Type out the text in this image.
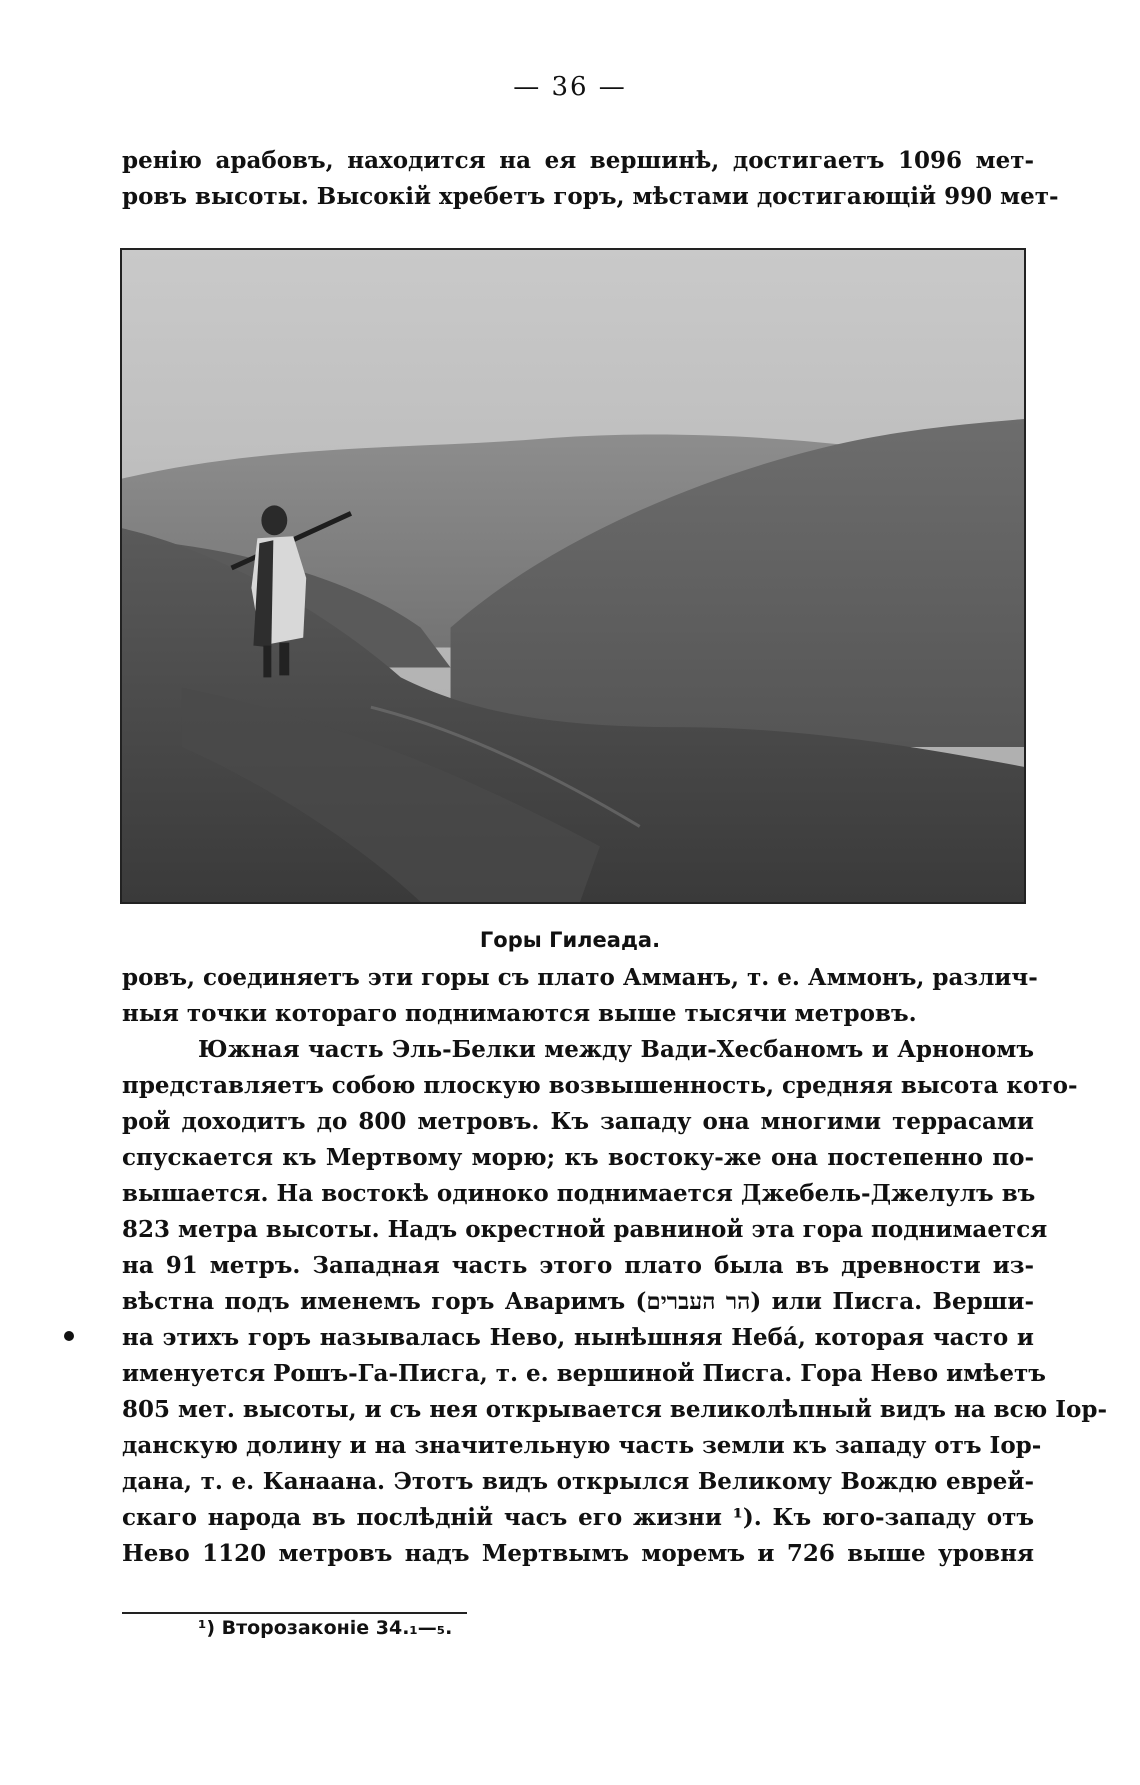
— 36 —
ренію арабовъ, находится на ея вершинѣ, достигаетъ 1096 мет-
ровъ высоты. Высокій хребетъ горъ, мѣстами достигающій 990 мет-
Горы Гилеада.
ровъ, соединяетъ эти горы съ плато Амманъ, т. е. Аммонъ, различ-
ныя точки котораго поднимаются выше тысячи метровъ.
Южная часть Эль-Белки между Вади-Хесбаномъ и Арнономъ
представляетъ собою плоскую возвышенность, средняя высота кото-
рой доходитъ до 800 метровъ. Къ западу она многими террасами
спускается къ Мертвому морю; къ востоку-же она постепенно по-
вышается. На востокѣ одиноко поднимается Джебель-Джелулъ въ
823 метра высоты. Надъ окрестной равниной эта гора поднимается
на 91 метръ. Западная часть этого плато была въ древности из-
вѣстна подъ именемъ горъ Аваримъ (הר העברים) или Писга. Верши-
на этихъ горъ называлась Нево, нынѣшняя Небá, которая часто и
именуется Рошъ-Га-Писга, т. е. вершиной Писга. Гора Нево имѣетъ
805 мет. высоты, и съ нея открывается великолѣпный видъ на всю Іор-
данскую долину и на значительную часть земли къ западу отъ Іор-
дана, т. е. Канаана. Этотъ видъ открылся Великому Вождю еврей-
скаго народа въ послѣдній часъ его жизни ¹). Къ юго-западу отъ
Нево 1120 метровъ надъ Мертвымъ моремъ и 726 выше уровня
¹) Второзаконіе 34.₁—₅.
